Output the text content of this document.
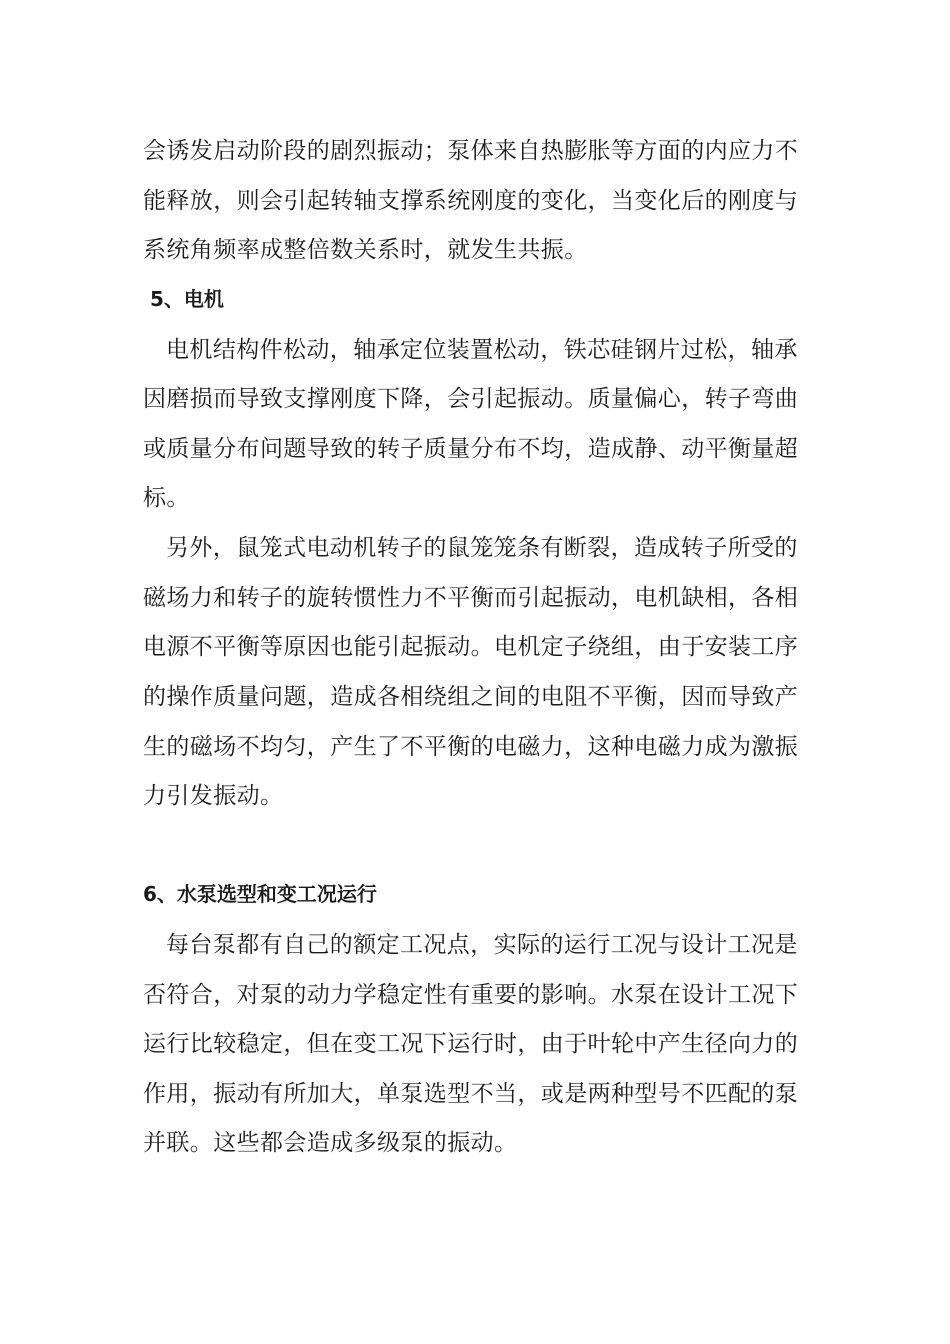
会诱发启动阶段的剧烈振动；泵体来自热膨胀等方面的内应力不
能释放，则会引起转轴支撑系统刚度的变化，当变化后的刚度与
系统角频率成整倍数关系时，就发生共振。
5、电机
电机结构件松动，轴承定位装置松动，铁芯硅钢片过松，轴承
因磨损而导致支撑刚度下降，会引起振动。质量偏心，转子弯曲
或质量分布问题导致的转子质量分布不均，造成静、动平衡量超
标。
另外，鼠笼式电动机转子的鼠笼笼条有断裂，造成转子所受的
磁场力和转子的旋转惯性力不平衡而引起振动，电机缺相，各相
电源不平衡等原因也能引起振动。电机定子绕组，由于安装工序
的操作质量问题，造成各相绕组之间的电阻不平衡，因而导致产
生的磁场不均匀，产生了不平衡的电磁力，这种电磁力成为激振
力引发振动。
6、水泵选型和变工况运行
每台泵都有自己的额定工况点，实际的运行工况与设计工况是
否符合，对泵的动力学稳定性有重要的影响。水泵在设计工况下
运行比较稳定，但在变工况下运行时，由于叶轮中产生径向力的
作用，振动有所加大，单泵选型不当，或是两种型号不匹配的泵
并联。这些都会造成多级泵的振动。
